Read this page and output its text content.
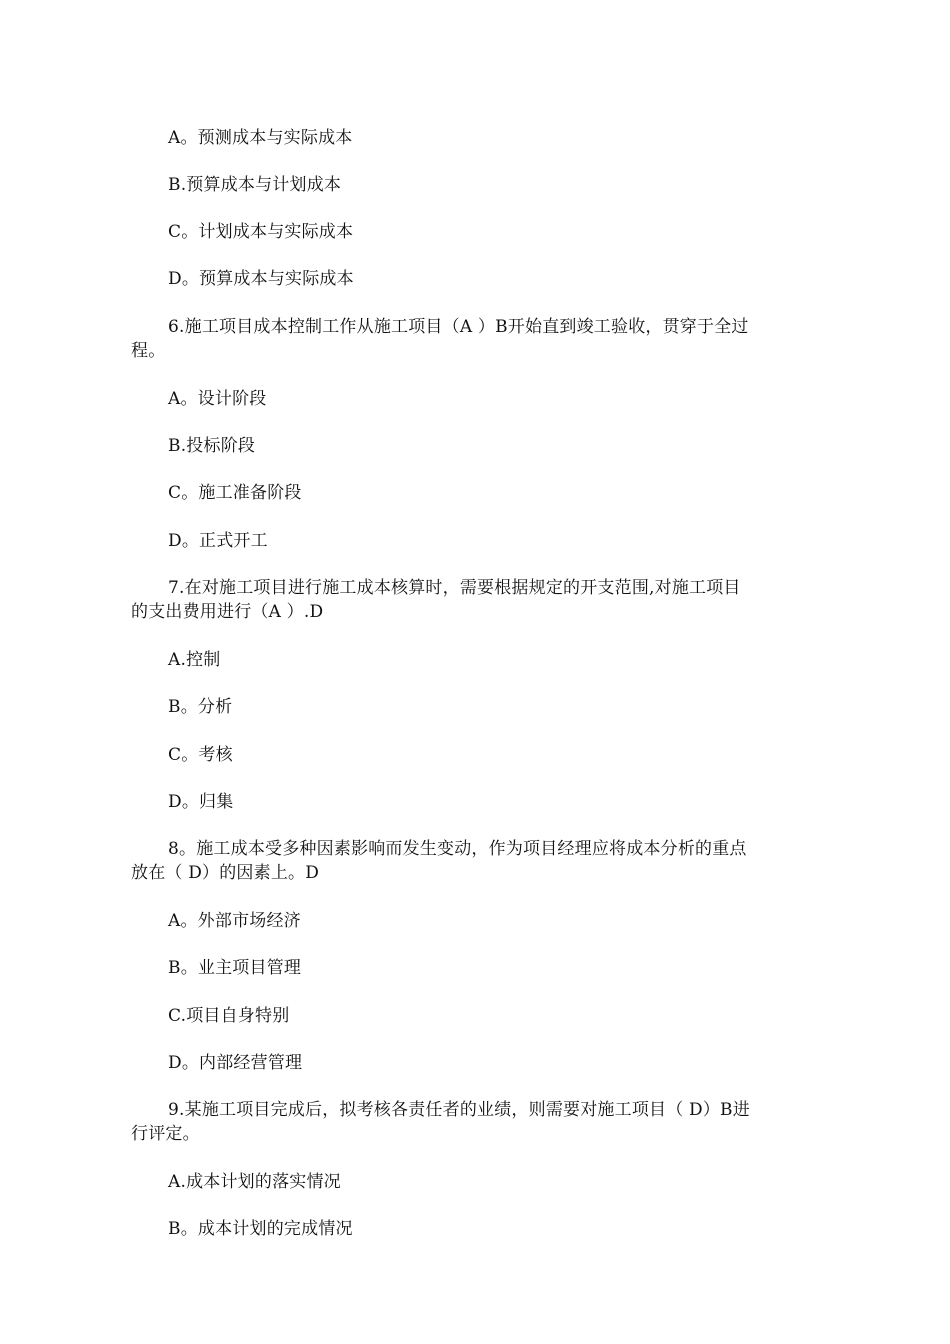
A。预测成本与实际成本
B.预算成本与计划成本
C。计划成本与实际成本
D。预算成本与实际成本
6.施工项目成本控制工作从施工项目（A ）B开始直到竣工验收，贯穿于全过
程。
A。设计阶段
B.投标阶段
C。施工准备阶段
D。正式开工
7.在对施工项目进行施工成本核算时，需要根据规定的开支范围,对施工项目
的支出费用进行（A ）.D
A.控制
B。分析
C。考核
D。归集
8。施工成本受多种因素影响而发生变动，作为项目经理应将成本分析的重点
放在（ D）的因素上。D
A。外部市场经济
B。业主项目管理
C.项目自身特别
D。内部经营管理
9.某施工项目完成后，拟考核各责任者的业绩，则需要对施工项目（ D）B进
行评定。
A.成本计划的落实情况
B。成本计划的完成情况
